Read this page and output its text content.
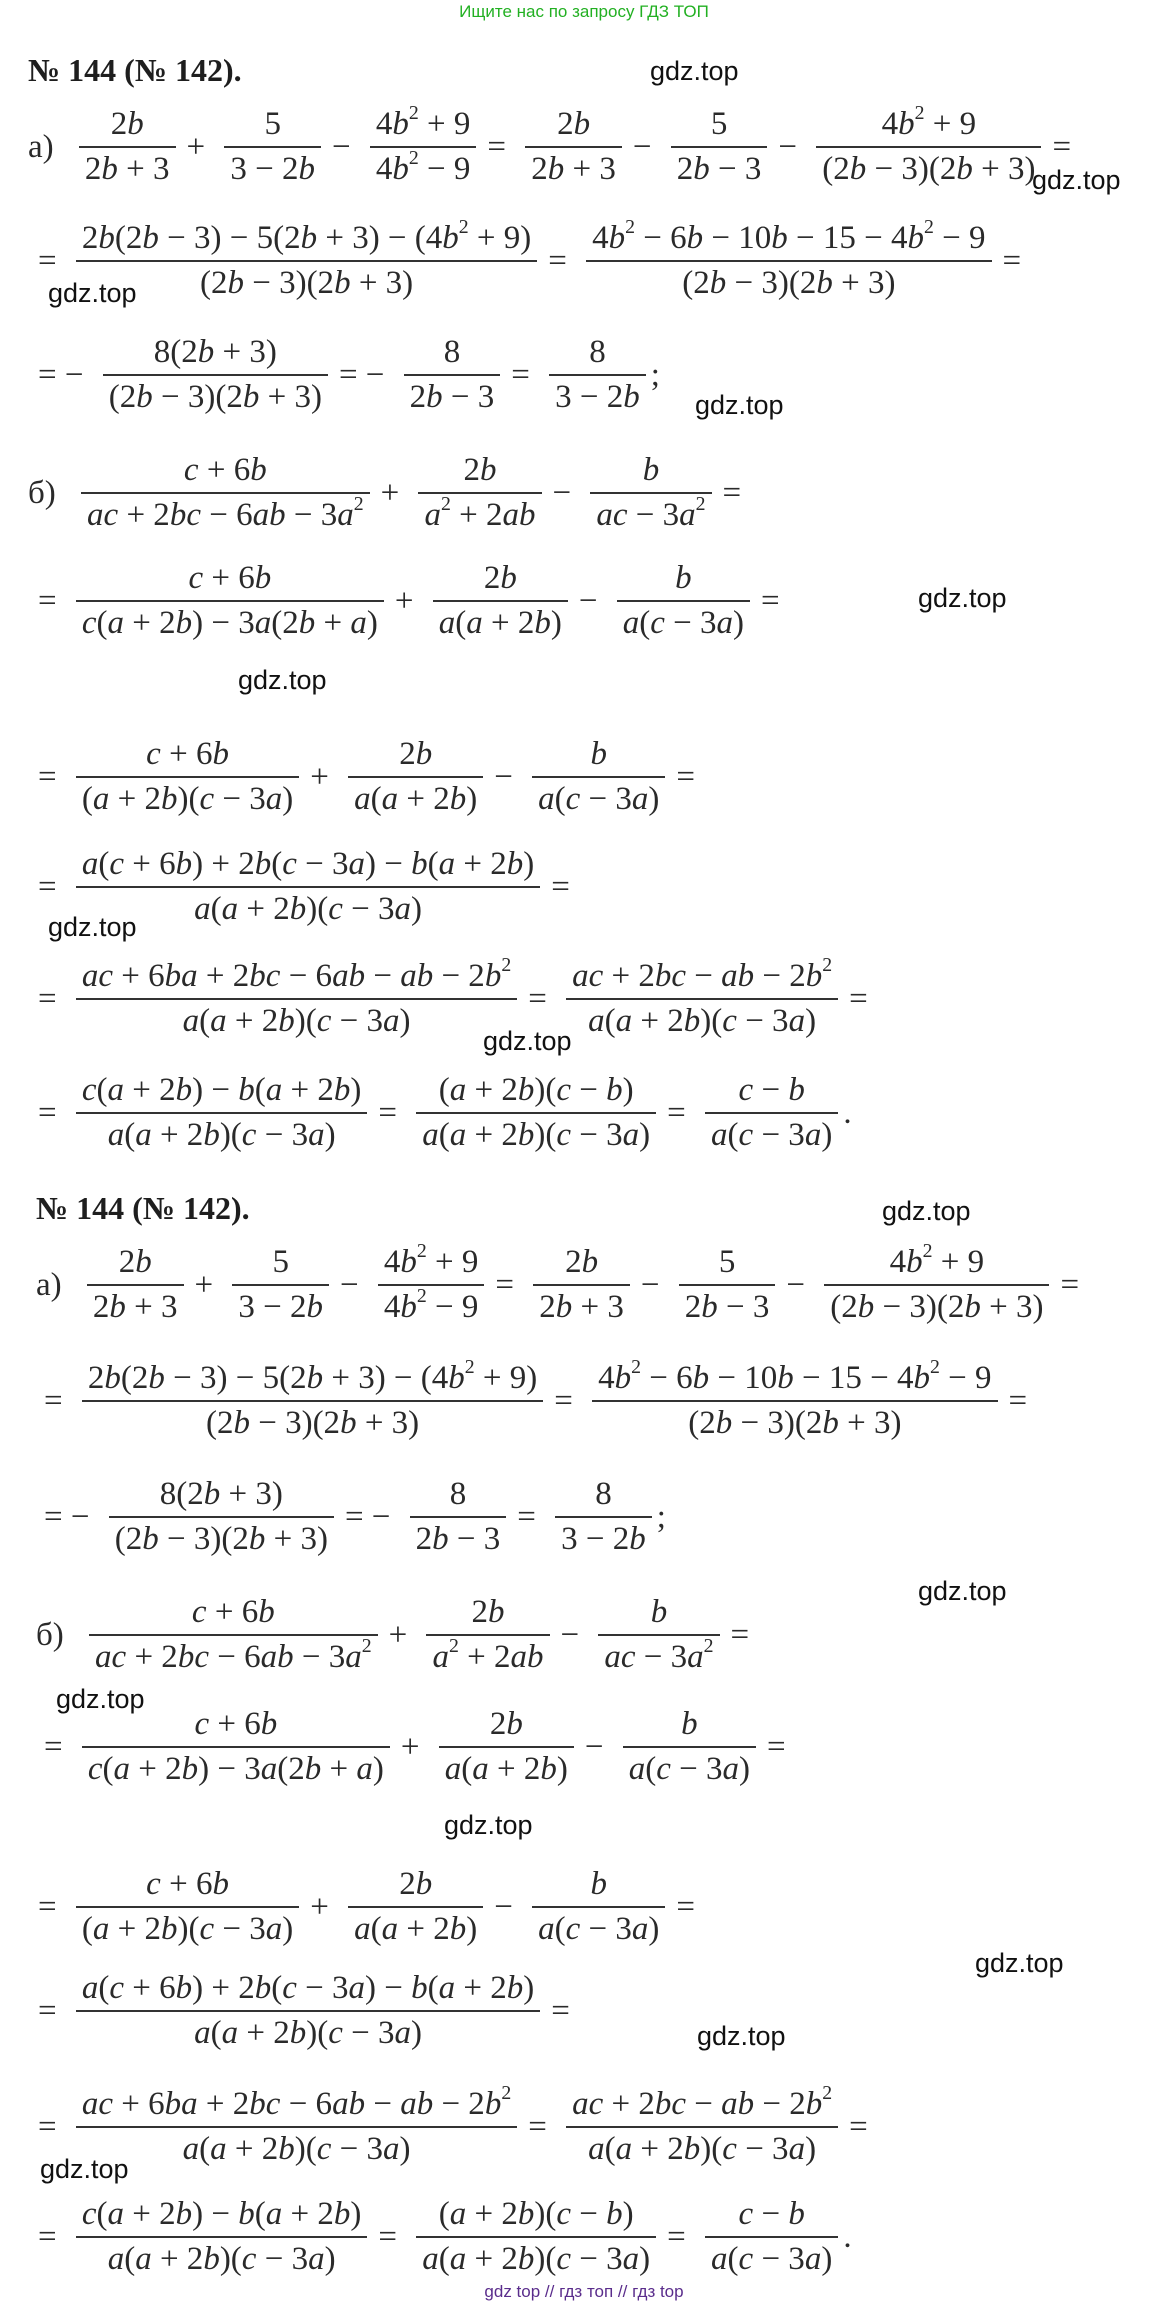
Ищите нас по запросу ГДЗ ТОП
gdz top // гдз топ // гдз top
gdz.top
gdz.top
gdz.top
gdz.top
gdz.top
gdz.top
gdz.top
gdz.top
gdz.top
gdz.top
gdz.top
gdz.top
gdz.top
gdz.top
gdz.top
№ 144 (№ 142).
$а) \frac{2b}{2b + 3} + \frac{5}{3 - 2b} - \frac{4b^2 + 9}{4b^2 - 9} = \frac{2b}{2b + 3} - \frac{5}{2b - 3} - \frac{4b^2 + 9}{(2b - 3)(2b + 3)}$ =
= $\frac{2b(2b - 3) - 5(2b + 3) - (4b^2 + 9)}{(2b - 3)(2b + 3)} = \frac{4b^2 - 6b - 10b - 15 - 4b^2 - 9}{(2b - 3)(2b + 3)}$ =
= − $\frac{8(2b + 3)}{(2b - 3)(2b + 3)}$ = − $\frac{8}{2b - 3} = \frac{8}{3 - 2b}$ ;
$б) \frac{c + 6b}{ac + 2bc - 6ab - 3a^2} + \frac{2b}{a^2 + 2ab} - \frac{b}{ac - 3a^2}$ =
= $\frac{c + 6b}{c(a + 2b) - 3a(2b + a)} + \frac{2b}{a(a + 2b)} - \frac{b}{a(c - 3a)}$ =
= $\frac{c + 6b}{(a + 2b)(c - 3a)} + \frac{2b}{a(a + 2b)} - \frac{b}{a(c - 3a)}$ =
= $\frac{a(c + 6b) + 2b(c - 3a) - b(a + 2b)}{a(a + 2b)(c - 3a)}$ =
= $\frac{ac + 6ba + 2bc - 6ab - ab - 2b^2}{a(a + 2b)(c - 3a)} = \frac{ac + 2bc - ab - 2b^2}{a(a + 2b)(c - 3a)}$ =
= $\frac{c(a + 2b) - b(a + 2b)}{a(a + 2b)(c - 3a)} = \frac{(a + 2b)(c - b)}{a(a + 2b)(c - 3a)} = \frac{c - b}{a(c - 3a)}$ .
№ 144 (№ 142).
$а) \frac{2b}{2b + 3} + \frac{5}{3 - 2b} - \frac{4b^2 + 9}{4b^2 - 9} = \frac{2b}{2b + 3} - \frac{5}{2b - 3} - \frac{4b^2 + 9}{(2b - 3)(2b + 3)}$ =
= $\frac{2b(2b - 3) - 5(2b + 3) - (4b^2 + 9)}{(2b - 3)(2b + 3)} = \frac{4b^2 - 6b - 10b - 15 - 4b^2 - 9}{(2b - 3)(2b + 3)}$ =
= − $\frac{8(2b + 3)}{(2b - 3)(2b + 3)}$ = − $\frac{8}{2b - 3} = \frac{8}{3 - 2b}$ ;
$б) \frac{c + 6b}{ac + 2bc - 6ab - 3a^2} + \frac{2b}{a^2 + 2ab} - \frac{b}{ac - 3a^2}$ =
= $\frac{c + 6b}{c(a + 2b) - 3a(2b + a)} + \frac{2b}{a(a + 2b)} - \frac{b}{a(c - 3a)}$ =
= $\frac{c + 6b}{(a + 2b)(c - 3a)} + \frac{2b}{a(a + 2b)} - \frac{b}{a(c - 3a)}$ =
= $\frac{a(c + 6b) + 2b(c - 3a) - b(a + 2b)}{a(a + 2b)(c - 3a)}$ =
= $\frac{ac + 6ba + 2bc - 6ab - ab - 2b^2}{a(a + 2b)(c - 3a)} = \frac{ac + 2bc - ab - 2b^2}{a(a + 2b)(c - 3a)}$ =
= $\frac{c(a + 2b) - b(a + 2b)}{a(a + 2b)(c - 3a)} = \frac{(a + 2b)(c - b)}{a(a + 2b)(c - 3a)} = \frac{c - b}{a(c - 3a)}$ .
